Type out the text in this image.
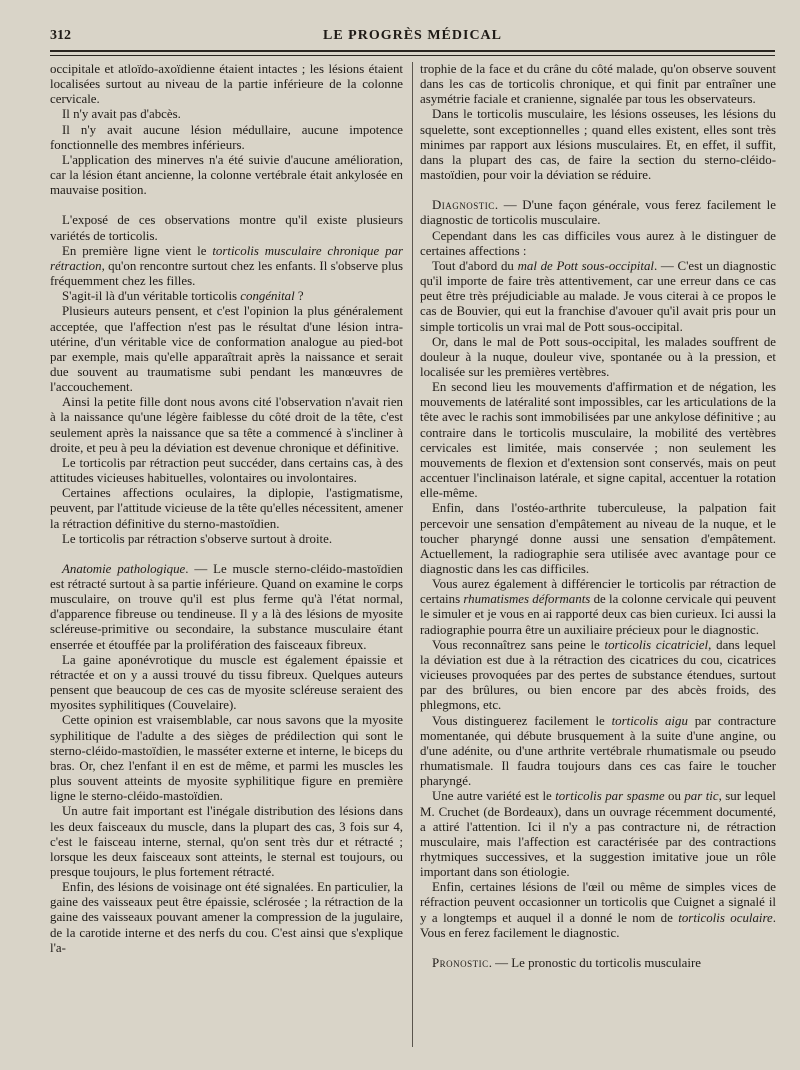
312	LE PROGRÈS MÉDICAL

occipitale et atloïdo-axoïdienne étaient intactes ; les lésions étaient localisées surtout au niveau de la partie inférieure de la colonne cervicale.

Il n'y avait pas d'abcès.

Il n'y avait aucune lésion médullaire, aucune impotence fonctionnelle des membres inférieurs.

L'application des minerves n'a été suivie d'aucune amélioration, car la lésion étant ancienne, la colonne vertébrale était ankylosée en mauvaise position.

L'exposé de ces observations montre qu'il existe plusieurs variétés de torticolis.

En première ligne vient le torticolis musculaire chronique par rétraction, qu'on rencontre surtout chez les enfants. Il s'observe plus fréquemment chez les filles.

S'agit-il là d'un véritable torticolis congénital ?

Plusieurs auteurs pensent, et c'est l'opinion la plus généralement acceptée, que l'affection n'est pas le résultat d'une lésion intra-utérine, d'un véritable vice de conformation analogue au pied-bot par exemple, mais qu'elle apparaîtrait après la naissance et serait due souvent au traumatisme subi pendant les manœuvres de l'accouchement.

Ainsi la petite fille dont nous avons cité l'observation n'avait rien à la naissance qu'une légère faiblesse du côté droit de la tête, c'est seulement après la naissance que sa tête a commencé à s'incliner à droite, et peu à peu la déviation est devenue chronique et définitive.

Le torticolis par rétraction peut succéder, dans certains cas, à des attitudes vicieuses habituelles, volontaires ou involontaires.

Certaines affections oculaires, la diplopie, l'astigmatisme, peuvent, par l'attitude vicieuse de la tête qu'elles nécessitent, amener la rétraction définitive du sterno-mastoïdien.

Le torticolis par rétraction s'observe surtout à droite.

Anatomie pathologique. — Le muscle sterno-cléido-mastoïdien est rétracté surtout à sa partie inférieure. Quand on examine le corps musculaire, on trouve qu'il est plus ferme qu'à l'état normal, d'apparence fibreuse ou tendineuse. Il y a là des lésions de myosite scléreuse-primitive ou secondaire, la substance musculaire étant enserrée et étouffée par la prolifération des faisceaux fibreux.

La gaine aponévrotique du muscle est également épaissie et rétractée et on y a aussi trouvé du tissu fibreux. Quelques auteurs pensent que beaucoup de ces cas de myosite scléreuse seraient des myosites syphilitiques (Couvelaire).

Cette opinion est vraisemblable, car nous savons que la myosite syphilitique de l'adulte a des sièges de prédilection qui sont le sterno-cléido-mastoïdien, le masséter externe et interne, le biceps du bras. Or, chez l'enfant il en est de même, et parmi les muscles les plus souvent atteints de myosite syphilitique figure en première ligne le sterno-cléido-mastoïdien.

Un autre fait important est l'inégale distribution des lésions dans les deux faisceaux du muscle, dans la plupart des cas, 3 fois sur 4, c'est le faisceau interne, sternal, qu'on sent très dur et rétracté ; lorsque les deux faisceaux sont atteints, le sternal est toujours, ou presque toujours, le plus fortement rétracté.

Enfin, des lésions de voisinage ont été signalées. En particulier, la gaine des vaisseaux peut être épaissie, sclérosée ; la rétraction de la gaine des vaisseaux pouvant amener la compression de la jugulaire, de la carotide interne et des nerfs du cou. C'est ainsi que s'explique l'a-

trophie de la face et du crâne du côté malade, qu'on observe souvent dans les cas de torticolis chronique, et qui finit par entraîner une asymétrie faciale et cranienne, signalée par tous les observateurs.

Dans le torticolis musculaire, les lésions osseuses, les lésions du squelette, sont exceptionnelles ; quand elles existent, elles sont très minimes par rapport aux lésions musculaires. Et, en effet, il suffit, dans la plupart des cas, de faire la section du sterno-cléido-mastoïdien, pour voir la déviation se réduire.

Diagnostic. — D'une façon générale, vous ferez facilement le diagnostic de torticolis musculaire.

Cependant dans les cas difficiles vous aurez à le distinguer de certaines affections :

Tout d'abord du mal de Pott sous-occipital. — C'est un diagnostic qu'il importe de faire très attentivement, car une erreur dans ce cas peut être très préjudiciable au malade. Je vous citerai à ce propos le cas de Bouvier, qui eut la franchise d'avouer qu'il avait pris pour un simple torticolis un vrai mal de Pott sous-occipital.

Or, dans le mal de Pott sous-occipital, les malades souffrent de douleur à la nuque, douleur vive, spontanée ou à la pression, et localisée sur les premières vertèbres.

En second lieu les mouvements d'affirmation et de négation, les mouvements de latéralité sont impossibles, car les articulations de la tête avec le rachis sont immobilisées par une ankylose définitive ; au contraire dans le torticolis musculaire, la mobilité des vertèbres cervicales est limitée, mais conservée ; non seulement les mouvements de flexion et d'extension sont conservés, mais on peut accentuer l'inclinaison latérale, et signe capital, accentuer la rotation elle-même.

Enfin, dans l'ostéo-arthrite tuberculeuse, la palpation fait percevoir une sensation d'empâtement au niveau de la nuque, et le toucher pharyngé donne aussi une sensation d'empâtement. Actuellement, la radiographie sera utilisée avec avantage pour ce diagnostic dans les cas difficiles.

Vous aurez également à différencier le torticolis par rétraction de certains rhumatismes déformants de la colonne cervicale qui peuvent le simuler et je vous en ai rapporté deux cas bien curieux. Ici aussi la radiographie pourra être un auxiliaire précieux pour le diagnostic.

Vous reconnaîtrez sans peine le torticolis cicatriciel, dans lequel la déviation est due à la rétraction des cicatrices du cou, cicatrices vicieuses provoquées par des pertes de substance étendues, surtout par des brûlures, ou bien encore par des abcès froids, des phlegmons, etc.

Vous distinguerez facilement le torticolis aigu par contracture momentanée, qui débute brusquement à la suite d'une angine, ou d'une adénite, ou d'une arthrite vertébrale rhumatismale ou pseudo rhumatismale. Il faudra toujours dans ces cas faire le toucher pharyngé.

Une autre variété est le torticolis par spasme ou par tic, sur lequel M. Cruchet (de Bordeaux), dans un ouvrage récemment documenté, a attiré l'attention. Ici il n'y a pas contracture ni, de rétraction musculaire, mais l'affection est caractérisée par des contractions rhytmiques successives, et la suggestion imitative joue un rôle important dans son étiologie.

Enfin, certaines lésions de l'œil ou même de simples vices de réfraction peuvent occasionner un torticolis que Cuignet a signalé il y a longtemps et auquel il a donné le nom de torticolis oculaire. Vous en ferez facilement le diagnostic.

Pronostic. — Le pronostic du torticolis musculaire
